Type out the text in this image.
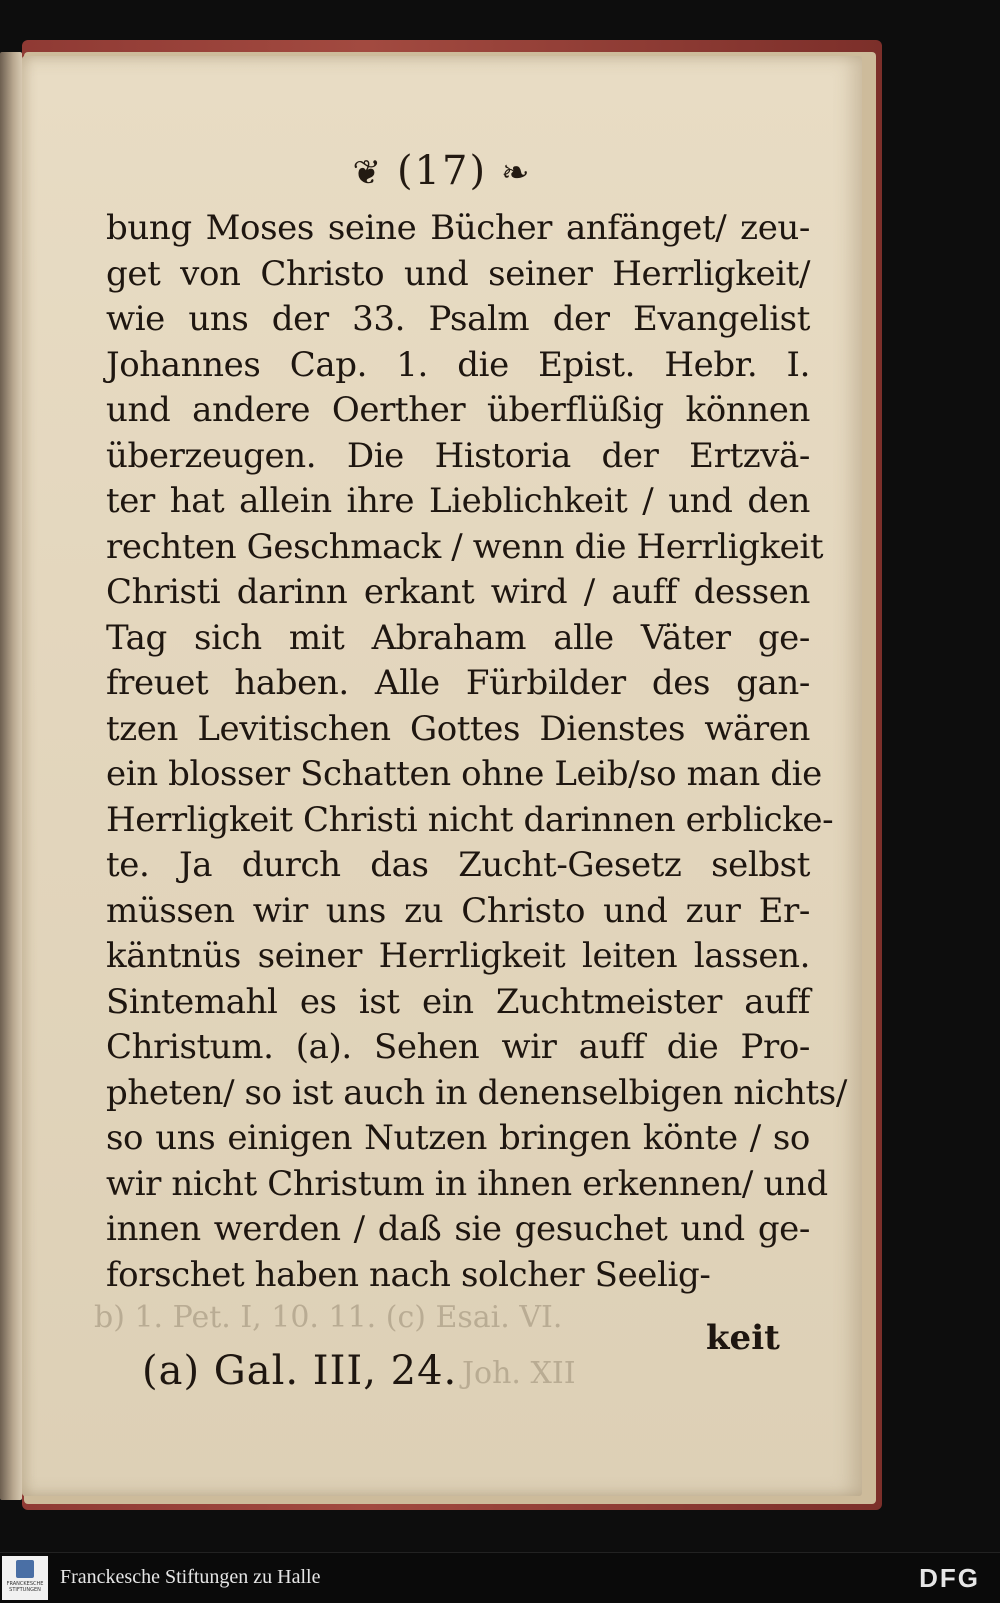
❦ (17) ❧
bung Moses seine Bücher anfänget/ zeu-
get von Christo und seiner Herrligkeit/
wie uns der 33. Psalm der Evangelist
Johannes Cap. 1. die Epist. Hebr. I.
und andere Oerther überflüßig können
überzeugen. Die Historia der Ertzvä-
ter hat allein ihre Lieblichkeit / und den
rechten Geschmack / wenn die Herrligkeit
Christi darinn erkant wird / auff dessen
Tag sich mit Abraham alle Väter ge-
freuet haben. Alle Fürbilder des gan-
tzen Levitischen Gottes Dienstes wären
ein blosser Schatten ohne Leib/so man die
Herrligkeit Christi nicht darinnen erblicke-
te. Ja durch das Zucht-Gesetz selbst
müssen wir uns zu Christo und zur Er-
käntnüs seiner Herrligkeit leiten lassen.
Sintemahl es ist ein Zuchtmeister auff
Christum. (a). Sehen wir auff die Pro-
pheten/ so ist auch in denenselbigen nichts/
so uns einigen Nutzen bringen könte / so
wir nicht Christum in ihnen erkennen/ und
innen werden / daß sie gesuchet und ge-
forschet haben nach solcher Seelig-
b) 1. Pet. I, 10. 11. (c) Esai. VI.
Joh. XII
keit
(a) Gal. III, 24.
FRANCKESCHE STIFTUNGEN
Franckesche Stiftungen zu Halle	DFG
